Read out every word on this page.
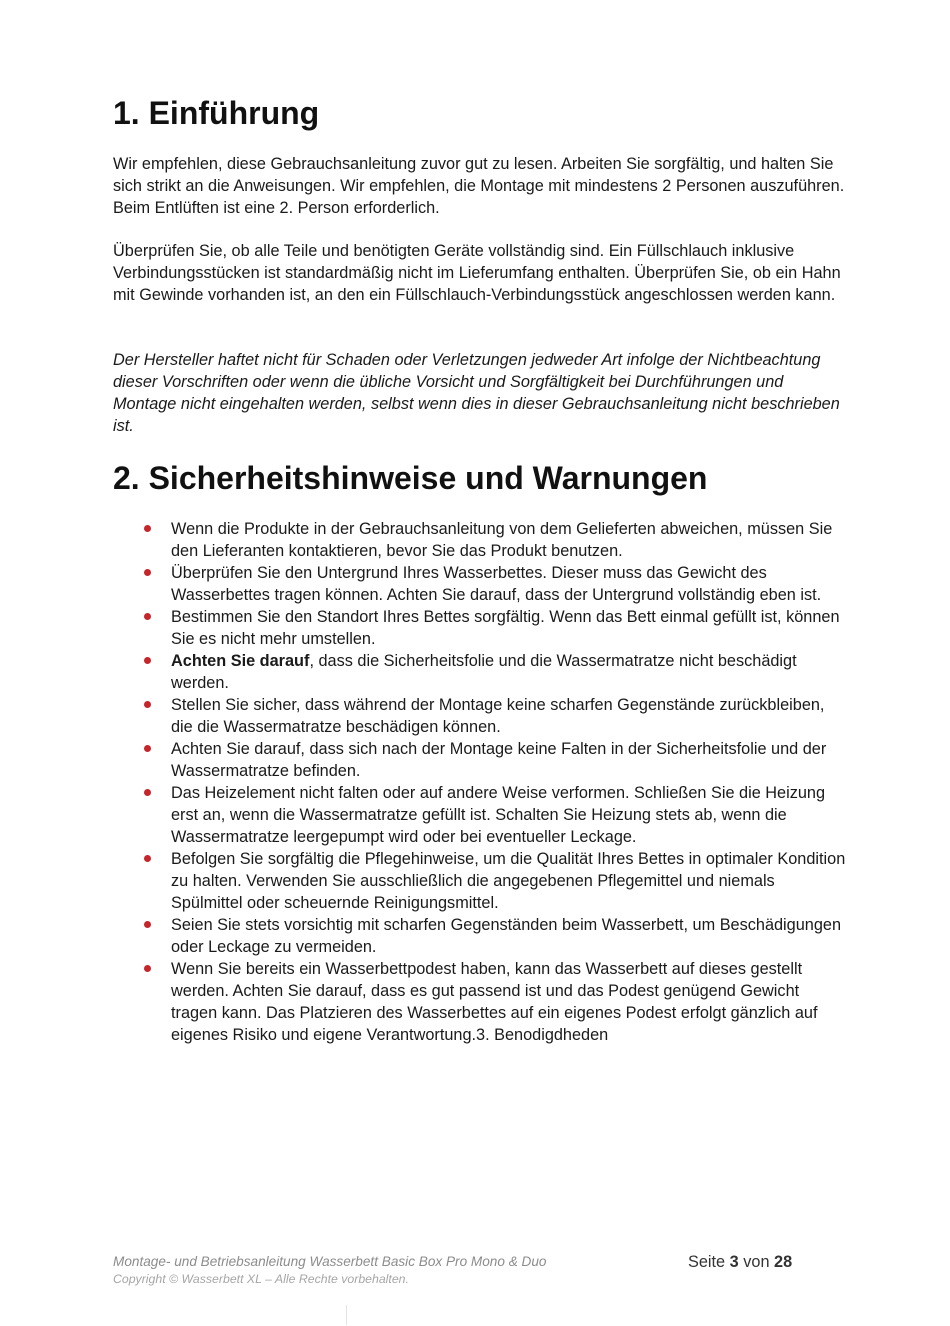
1. Einführung

Wir empfehlen, diese Gebrauchsanleitung zuvor gut zu lesen. Arbeiten Sie sorgfältig, und halten Sie sich strikt an die Anweisungen. Wir empfehlen, die Montage mit mindestens 2 Personen auszuführen. Beim Entlüften ist eine 2. Person erforderlich.

Überprüfen Sie, ob alle Teile und benötigten Geräte vollständig sind. Ein Füllschlauch inklusive Verbindungsstücken ist standardmäßig nicht im Lieferumfang enthalten. Überprüfen Sie, ob ein Hahn mit Gewinde vorhanden ist, an den ein Füllschlauch-Verbindungsstück angeschlossen werden kann.

Der Hersteller haftet nicht für Schaden oder Verletzungen jedweder Art infolge der Nichtbeachtung dieser Vorschriften oder wenn die übliche Vorsicht und Sorgfältigkeit bei Durchführungen und Montage nicht eingehalten werden, selbst wenn dies in dieser Gebrauchsanleitung nicht beschrieben ist.

2. Sicherheitshinweise und Warnungen
Wenn die Produkte in der Gebrauchsanleitung von dem Gelieferten abweichen, müssen Sie den Lieferanten kontaktieren, bevor Sie das Produkt benutzen.
Überprüfen Sie den Untergrund Ihres Wasserbettes. Dieser muss das Gewicht des Wasserbettes tragen können. Achten Sie darauf, dass der Untergrund vollständig eben ist.
Bestimmen Sie den Standort Ihres Bettes sorgfältig. Wenn das Bett einmal gefüllt ist, können Sie es nicht mehr umstellen.
Achten Sie darauf, dass die Sicherheitsfolie und die Wassermatratze nicht beschädigt werden.
Stellen Sie sicher, dass während der Montage keine scharfen Gegenstände zurückbleiben, die die Wassermatratze beschädigen können.
Achten Sie darauf, dass sich nach der Montage keine Falten in der Sicherheitsfolie und der Wassermatratze befinden.
Das Heizelement nicht falten oder auf andere Weise verformen. Schließen Sie die Heizung erst an, wenn die Wassermatratze gefüllt ist. Schalten Sie Heizung stets ab, wenn die Wassermatratze leergepumpt wird oder bei eventueller Leckage.
Befolgen Sie sorgfältig die Pflegehinweise, um die Qualität Ihres Bettes in optimaler Kondition zu halten. Verwenden Sie ausschließlich die angegebenen Pflegemittel und niemals Spülmittel oder scheuernde Reinigungsmittel.
Seien Sie stets vorsichtig mit scharfen Gegenständen beim Wasserbett, um Beschädigungen oder Leckage zu vermeiden.
Wenn Sie bereits ein Wasserbettpodest haben, kann das Wasserbett auf dieses gestellt werden. Achten Sie darauf, dass es gut passend ist und das Podest genügend Gewicht tragen kann. Das Platzieren des Wasserbettes auf ein eigenes Podest erfolgt gänzlich auf eigenes Risiko und eigene Verantwortung.3. Benodigdheden
Montage- und Betriebsanleitung Wasserbett Basic Box Pro Mono & Duo
Copyright © Wasserbett XL – Alle Rechte vorbehalten.
Seite 3 von 28
